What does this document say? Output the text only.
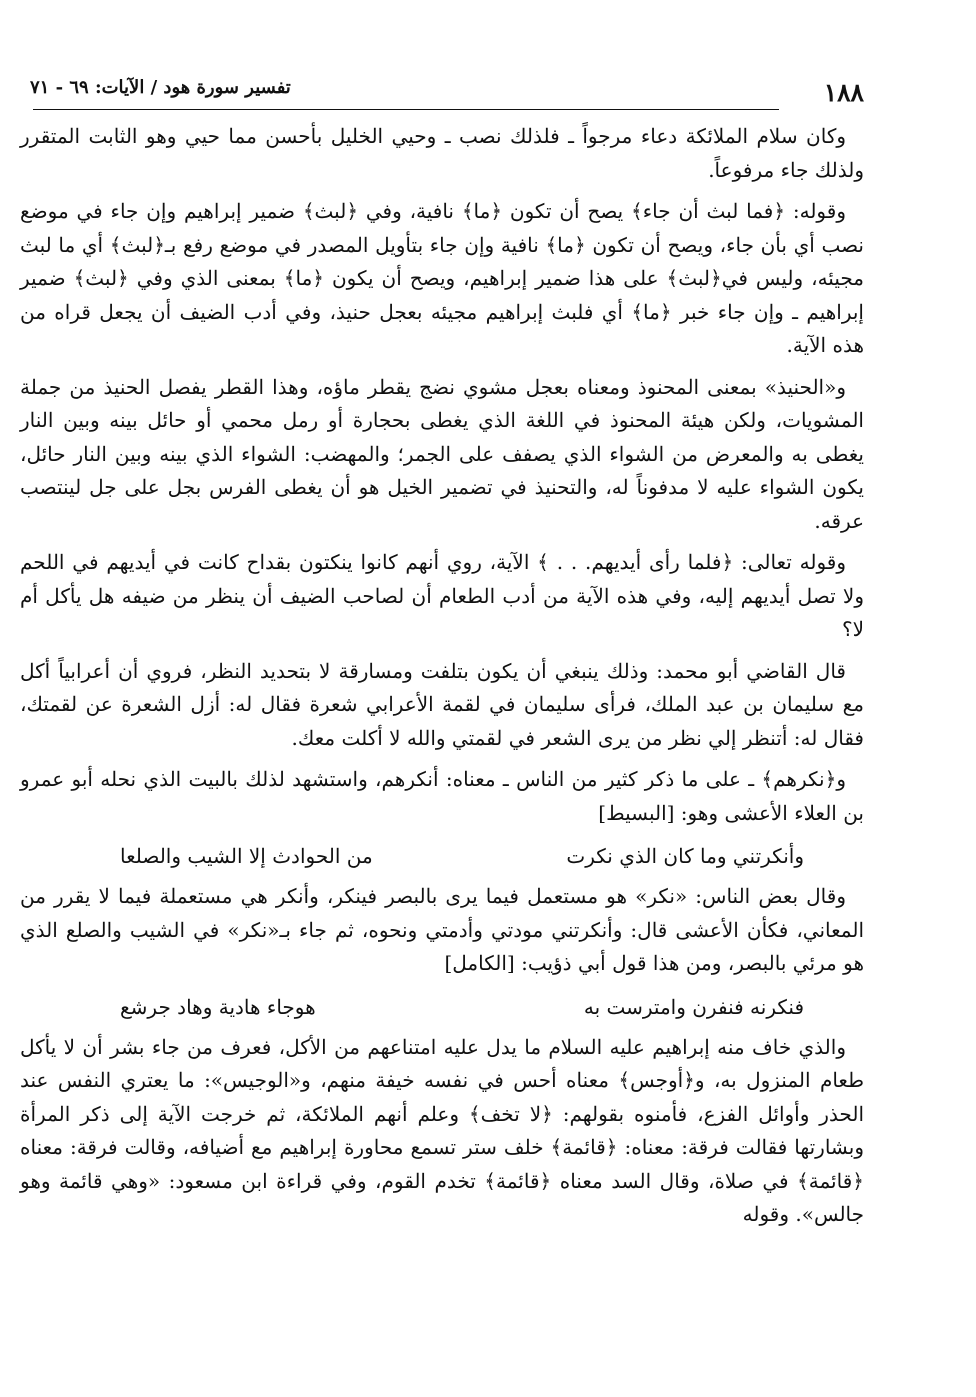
١٨٨
تفسير سورة هود / الآيات: ٦٩ - ٧١

وكان سلام الملائكة دعاء مرجواً ـ فلذلك نصب ـ وحيي الخليل بأحسن مما حيي وهو الثابت المتقرر ولذلك جاء مرفوعاً.

وقوله: ﴿فما لبث أن جاء﴾ يصح أن تكون ﴿ما﴾ نافية، وفي ﴿لبث﴾ ضمير إبراهيم وإن جاء في موضع نصب أي بأن جاء، ويصح أن تكون ﴿ما﴾ نافية وإن جاء بتأويل المصدر في موضع رفع بـ﴿لبث﴾ أي ما لبث مجيئه، وليس في﴿لبث﴾ على هذا ضمير إبراهيم، ويصح أن يكون ﴿ما﴾ بمعنى الذي وفي ﴿لبث﴾ ضمير إبراهيم ـ وإن جاء خبر ﴿ما﴾ أي فلبث إبراهيم مجيئه بعجل حنيذ، وفي أدب الضيف أن يجعل قراه من هذه الآية.

و«الحنيذ» بمعنى المحنوذ ومعناه بعجل مشوي نضج يقطر ماؤه، وهذا القطر يفصل الحنيذ من جملة المشويات، ولكن هيئة المحنوذ في اللغة الذي يغطى بحجارة أو رمل محمي أو حائل بينه وبين النار يغطى به والمعرض من الشواء الذي يصفف على الجمر؛ والمهضب: الشواء الذي بينه وبين النار حائل، يكون الشواء عليه لا مدفوناً له، والتحنيذ في تضمير الخيل هو أن يغطى الفرس بجل على جل لينتصب عرقه.

وقوله تعالى: ﴿فلما رأى أيديهم. . . ﴾ الآية، روي أنهم كانوا ينكتون بقداح كانت في أيديهم في اللحم ولا تصل أيديهم إليه، وفي هذه الآية من أدب الطعام أن لصاحب الضيف أن ينظر من ضيفه هل يأكل أم لا؟

قال القاضي أبو محمد: وذلك ينبغي أن يكون بتلفت ومسارقة لا بتحديد النظر، فروي أن أعرابياً أكل مع سليمان بن عبد الملك، فرأى سليمان في لقمة الأعرابي شعرة فقال له: أزل الشعرة عن لقمتك، فقال له: أتنظر إلي نظر من يرى الشعر في لقمتي والله لا أكلت معك.

و﴿نكرهم﴾ ـ على ما ذكر كثير من الناس ـ معناه: أنكرهم، واستشهد لذلك بالبيت الذي نحله أبو عمرو بن العلاء الأعشى وهو: [البسيط]

وأنكرتني وما كان الذي نكرت
من الحوادث إلا الشيب والصلعا

وقال بعض الناس: «نكر» هو مستعمل فيما يرى بالبصر فينكر، وأنكر هي مستعملة فيما لا يقرر من المعاني، فكأن الأعشى قال: وأنكرتني مودتي وأدمتي ونحوه، ثم جاء بـ«نكر» في الشيب والصلع الذي هو مرئي بالبصر، ومن هذا قول أبي ذؤيب: [الكامل]

فنكرنه فنفرن وامترست به
هوجاء هادية وهاد جرشع

والذي خاف منه إبراهيم عليه السلام ما يدل عليه امتناعهم من الأكل، فعرف من جاء بشر أن لا يأكل طعام المنزول به، و﴿أوجس﴾ معناه أحس في نفسه خيفة منهم، و«الوجيس»: ما يعتري النفس عند الحذر وأوائل الفزع، فأمنوه بقولهم: ﴿لا تخف﴾ وعلم أنهم الملائكة، ثم خرجت الآية إلى ذكر المرأة وبشارتها فقالت فرقة: معناه: ﴿قائمة﴾ خلف ستر تسمع محاورة إبراهيم مع أضيافه، وقالت فرقة: معناه ﴿قائمة﴾ في صلاة، وقال السد معناه ﴿قائمة﴾ تخدم القوم، وفي قراءة ابن مسعود: «وهي قائمة وهو جالس». وقوله
